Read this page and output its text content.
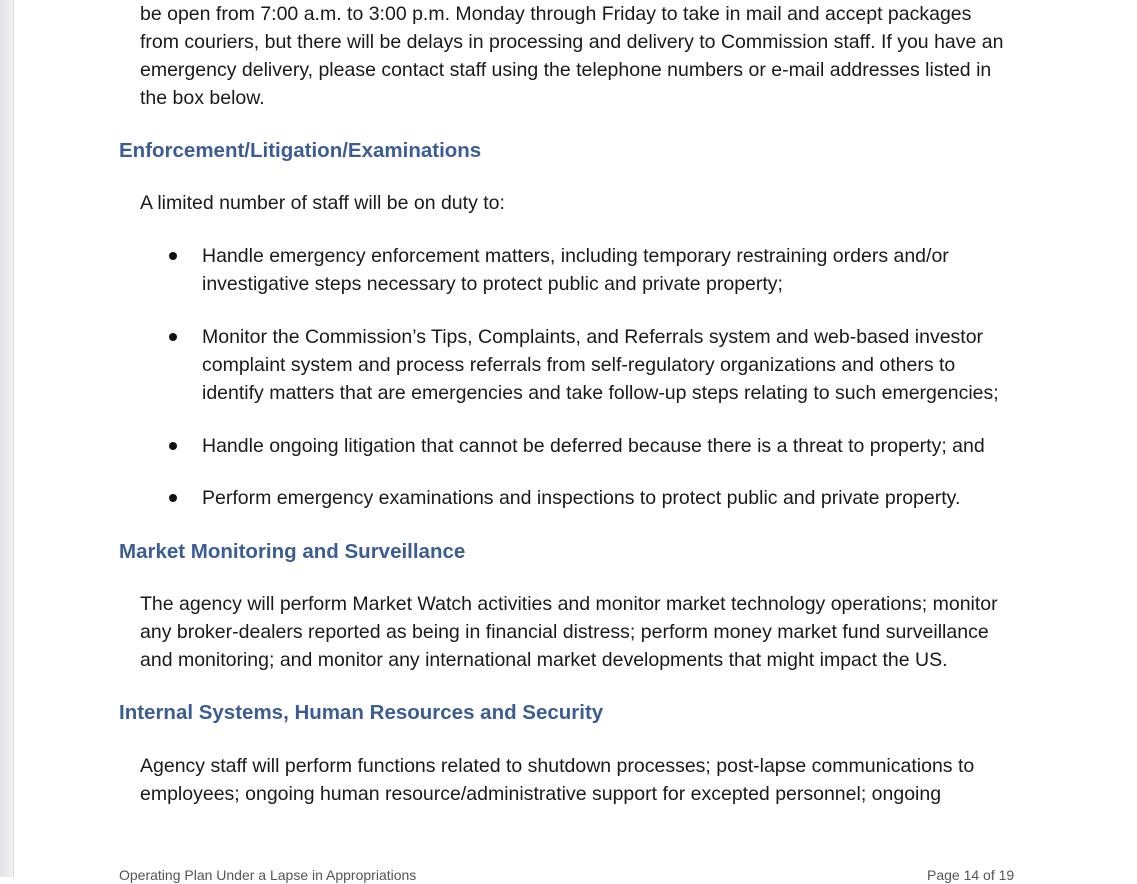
be open from 7:00 a.m. to 3:00 p.m. Monday through Friday to take in mail and accept packages
from couriers, but there will be delays in processing and delivery to Commission staff. If you have an
emergency delivery, please contact staff using the telephone numbers or e-mail addresses listed in
the box below.
Enforcement/Litigation/Examinations
A limited number of staff will be on duty to:
Handle emergency enforcement matters, including temporary restraining orders and/or
investigative steps necessary to protect public and private property;
Monitor the Commission’s Tips, Complaints, and Referrals system and web-based investor
complaint system and process referrals from self-regulatory organizations and others to
identify matters that are emergencies and take follow-up steps relating to such emergencies;
Handle ongoing litigation that cannot be deferred because there is a threat to property; and
Perform emergency examinations and inspections to protect public and private property.
Market Monitoring and Surveillance
The agency will perform Market Watch activities and monitor market technology operations; monitor
any broker-dealers reported as being in financial distress; perform money market fund surveillance
and monitoring; and monitor any international market developments that might impact the US.
Internal Systems, Human Resources and Security
Agency staff will perform functions related to shutdown processes; post-lapse communications to
employees; ongoing human resource/administrative support for excepted personnel; ongoing
Operating Plan Under a Lapse in Appropriations	Page 14 of 19
